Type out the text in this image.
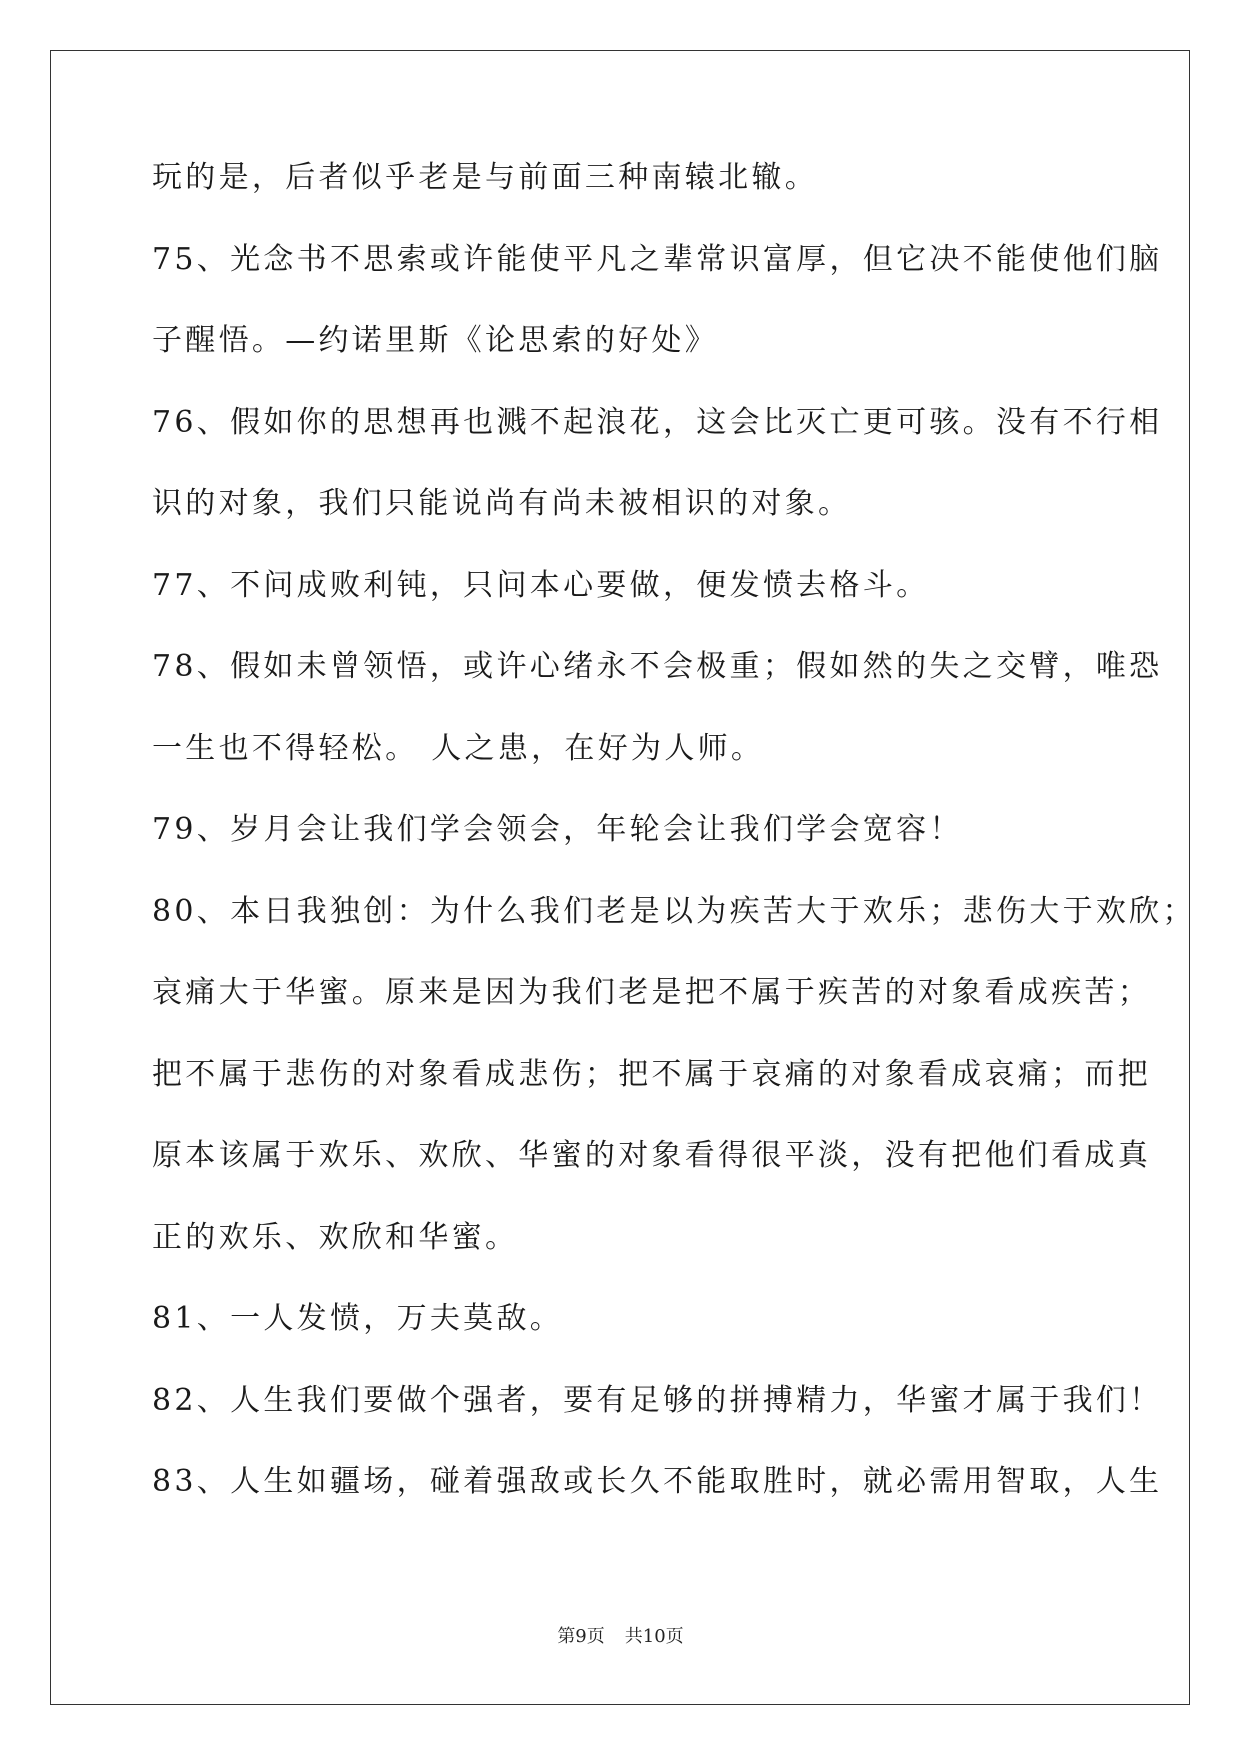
玩的是，后者似乎老是与前面三种南辕北辙。
75、光念书不思索或许能使平凡之辈常识富厚，但它决不能使他们脑
子醒悟。—约诺里斯《论思索的好处》
76、假如你的思想再也溅不起浪花，这会比灭亡更可骇。没有不行相
识的对象，我们只能说尚有尚未被相识的对象。
77、不问成败利钝，只问本心要做，便发愤去格斗。
78、假如未曾领悟，或许心绪永不会极重；假如然的失之交臂，唯恐
一生也不得轻松。 人之患，在好为人师。
79、岁月会让我们学会领会，年轮会让我们学会宽容！
80、本日我独创：为什么我们老是以为疾苦大于欢乐；悲伤大于欢欣；
哀痛大于华蜜。原来是因为我们老是把不属于疾苦的对象看成疾苦；
把不属于悲伤的对象看成悲伤；把不属于哀痛的对象看成哀痛；而把
原本该属于欢乐、欢欣、华蜜的对象看得很平淡，没有把他们看成真
正的欢乐、欢欣和华蜜。
81、一人发愤，万夫莫敌。
82、人生我们要做个强者，要有足够的拼搏精力，华蜜才属于我们！
83、人生如疆场，碰着强敌或长久不能取胜时，就必需用智取，人生
第9页 共10页
